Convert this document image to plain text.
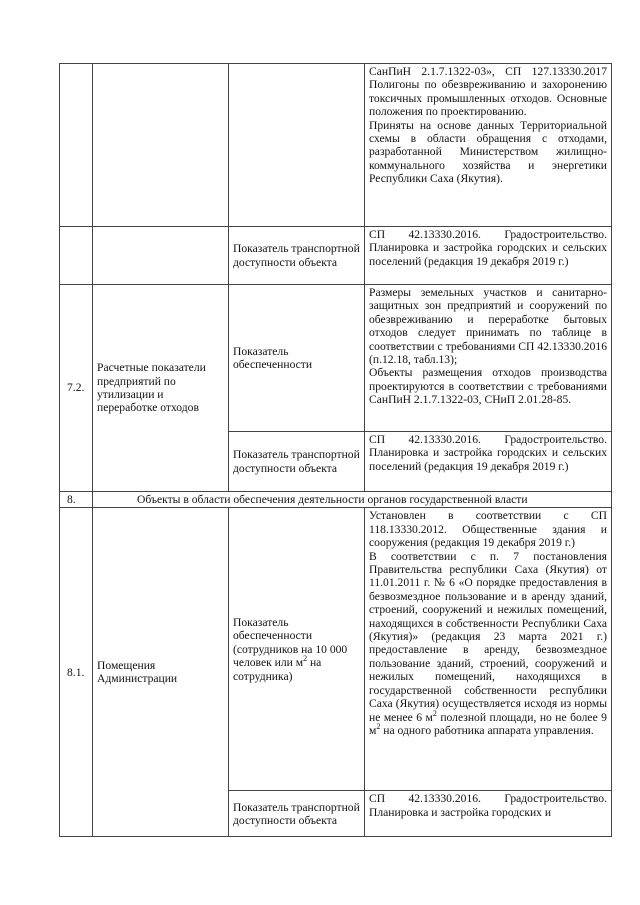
			СанПиН 2.1.7.1322-03», СП 127.13330.2017 Полигоны по обезвреживанию и захоронению токсичных промышленных отходов. Основные положения по проектированию.
Приняты на основе данных Территориальной схемы в области обращения с отходами, разработанной Министерством жилищно-коммунального хозяйства и энергетики Республики Саха (Якутия).

		Показатель транспортной доступности объекта	СП 42.13330.2016. Градостроительство. Планировка и застройка городских и сельских поселений (редакция 19 декабря 2019 г.)
7.2.	Расчетные показатели предприятий по утилизации и переработке отходов	Показатель обеспеченности	Размеры земельных участков и санитарно-защитных зон предприятий и сооружений по обезвреживанию и переработке бытовых отходов следует принимать по таблице в соответствии с требованиями СП 42.13330.2016 (п.12.18, табл.13);
Объекты размещения отходов производства проектируются в соответствии с требованиями СанПиН 2.1.7.1322-03, СНиП 2.01.28-85.

		Показатель транспортной доступности объекта	СП 42.13330.2016. Градостроительство. Планировка и застройка городских и сельских поселений (редакция 19 декабря 2019 г.)
8.	Объекты в области обеспечения деятельности органов государственной власти		
8.1.	Помещения Администрации	Показатель обеспеченности (сотрудников на 10 000 человек или $м^2$ на сотрудника)	Установлен в соответствии с СП 118.13330.2012. Общественные здания и сооружения (редакция 19 декабря 2019 г.)
В соответствии с п. 7 постановления Правительства республики Саха (Якутия) от 11.01.2011 г. № 6 «О порядке предоставления в безвозмездное пользование и в аренду зданий, строений, сооружений и нежилых помещений, находящихся в собственности Республики Саха (Якутия)» (редакция 23 марта 2021 г.) предоставление в аренду, безвозмездное пользование зданий, строений, сооружений и нежилых помещений, находящихся в государственной собственности республики Саха (Якутия) осуществляется исходя из нормы не менее 6 $м^2$ полезной площади, но не более 9 $м^2$ на одного работника аппарата управления.

		Показатель транспортной доступности объекта	СП 42.13330.2016. Градостроительство. Планировка и застройка городских и
